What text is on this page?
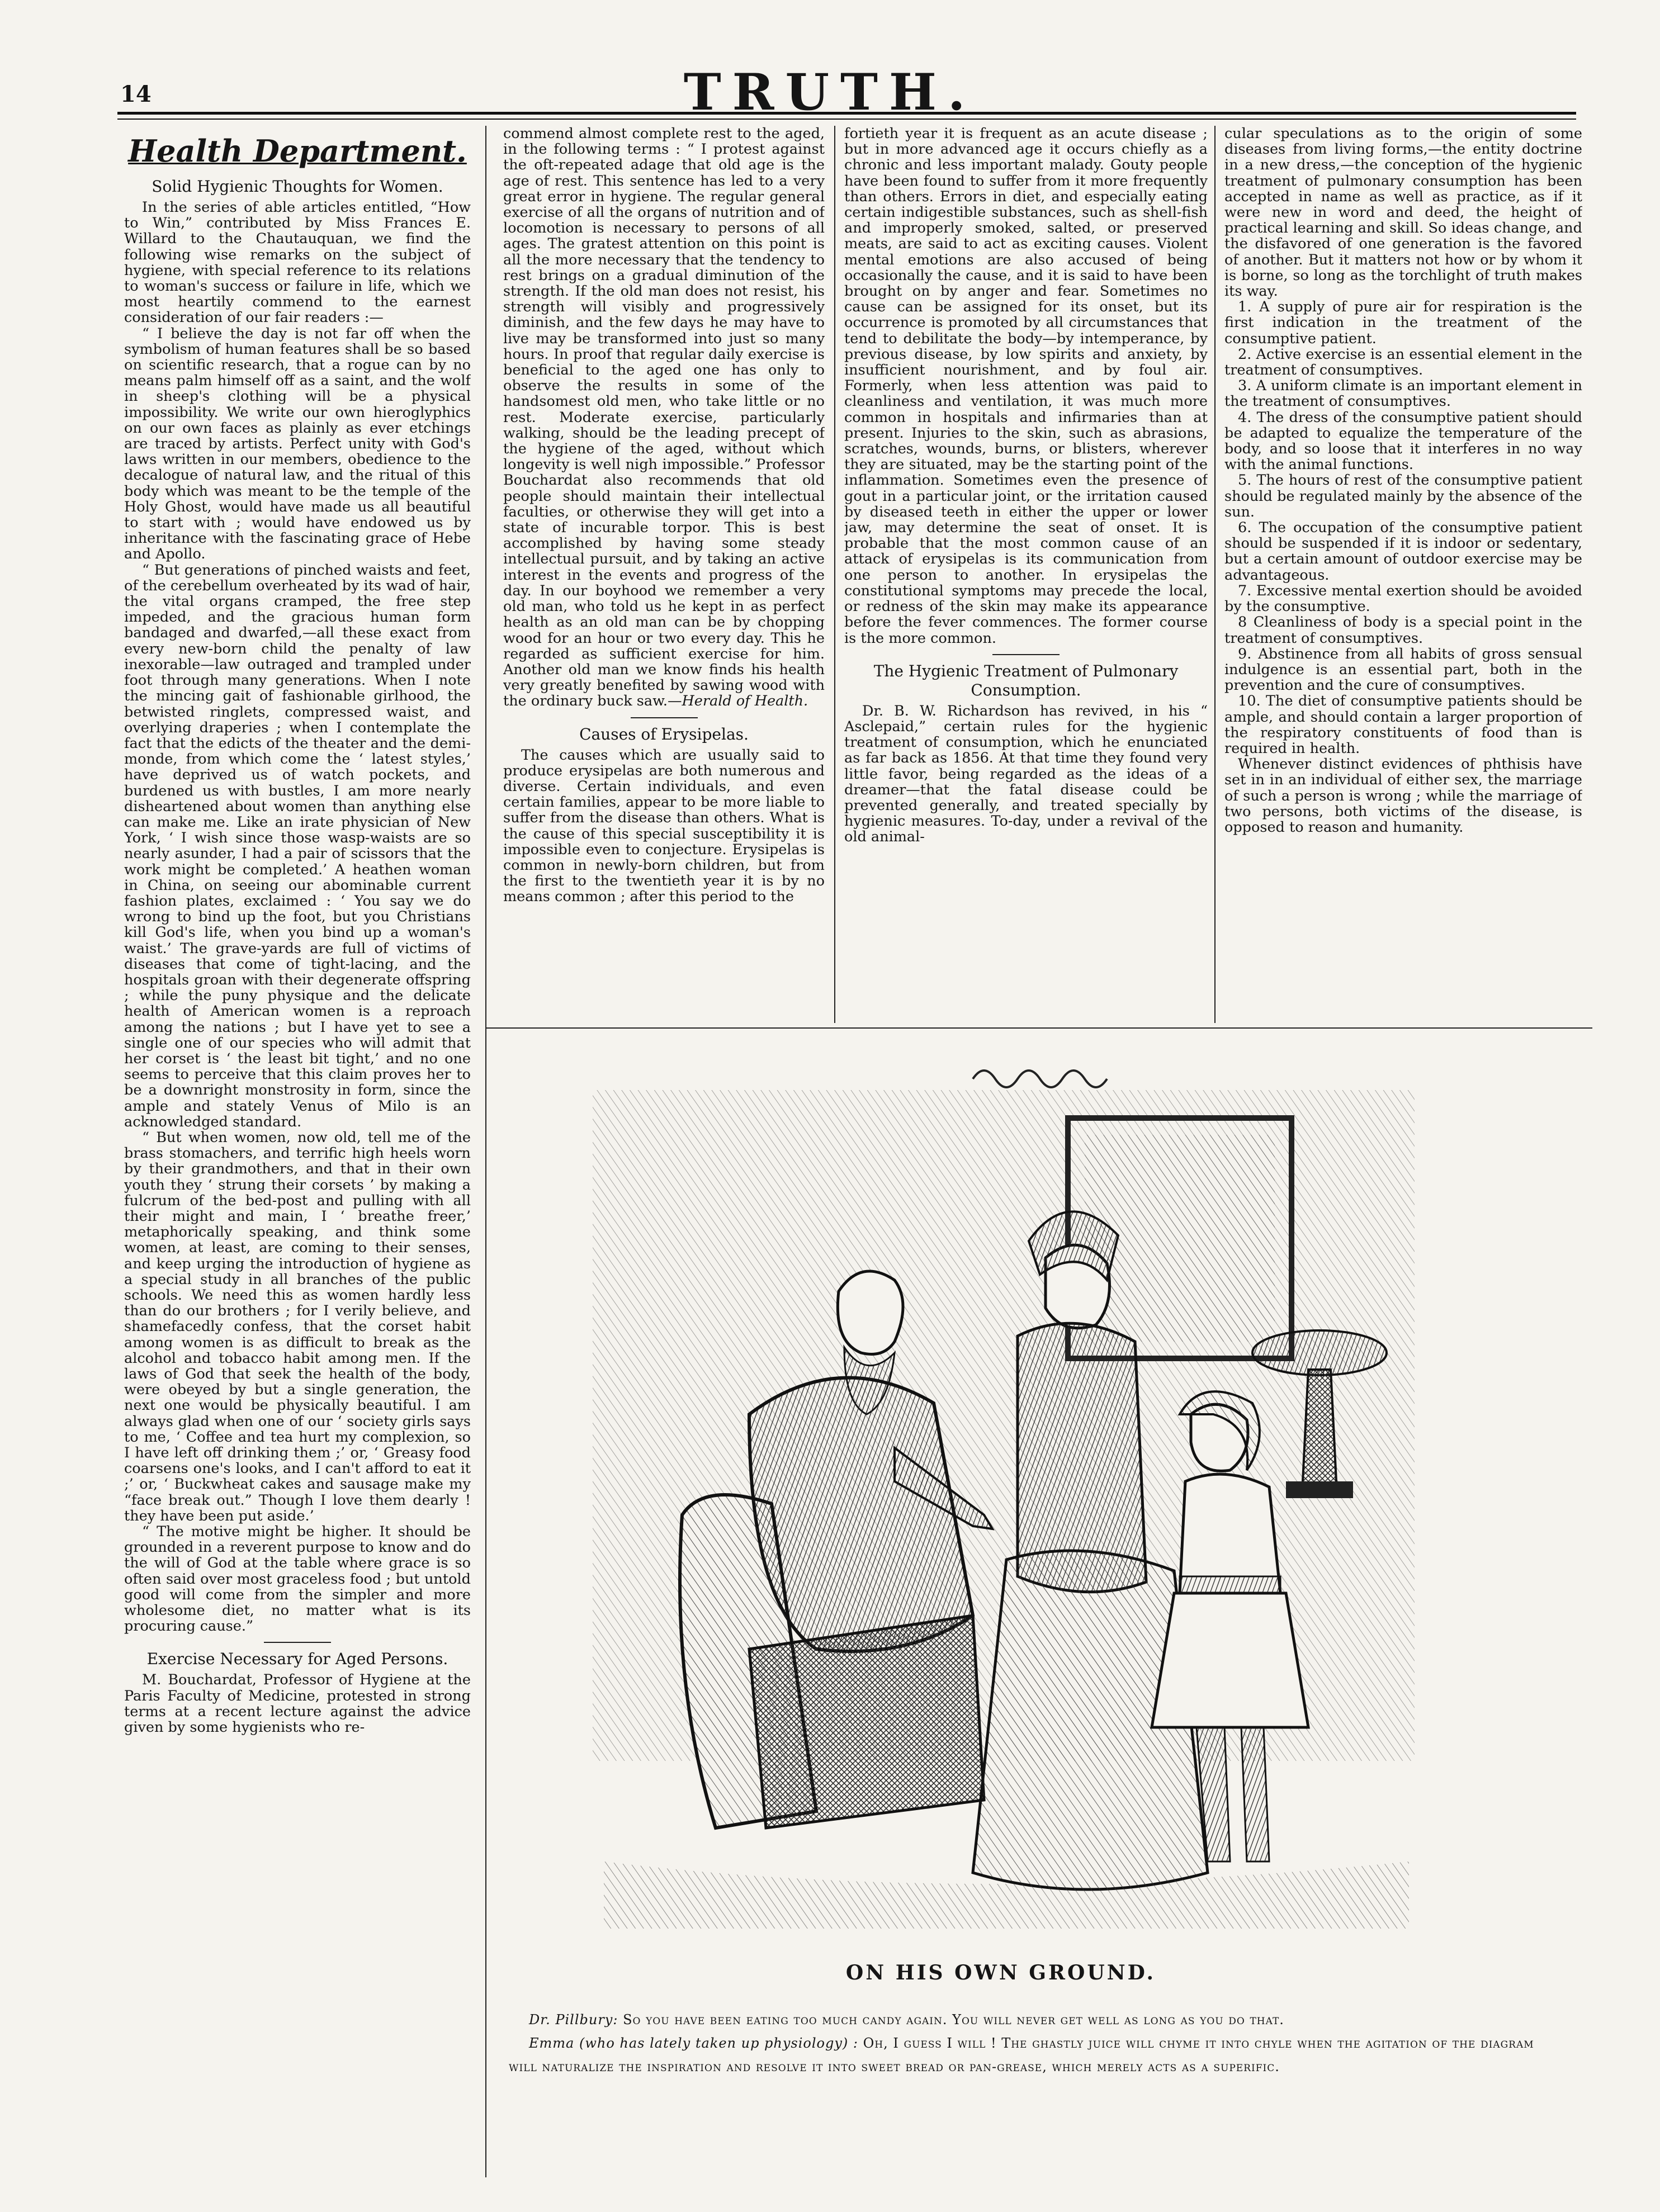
14	TRUTH.
Health Department.
Solid Hygienic Thoughts for Women.

In the series of able articles entitled, “How to Win,” contributed by Miss Frances E. Willard to the Chautauquan, we find the following wise remarks on the subject of hygiene, with special reference to its relations to woman's success or failure in life, which we most heartily commend to the earnest consideration of our fair readers :—

“ I believe the day is not far off when the symbolism of human features shall be so based on scientific research, that a rogue can by no means palm himself off as a saint, and the wolf in sheep's clothing will be a physical impossibility. We write our own hieroglyphics on our own faces as plainly as ever etchings are traced by artists. Perfect unity with God's laws written in our members, obedience to the decalogue of natural law, and the ritual of this body which was meant to be the temple of the Holy Ghost, would have made us all beautiful to start with ; would have endowed us by inheritance with the fascinating grace of Hebe and Apollo.

“ But generations of pinched waists and feet, of the cerebellum overheated by its wad of hair, the vital organs cramped, the free step impeded, and the gracious human form bandaged and dwarfed,—all these exact from every new-born child the penalty of law inexorable—law outraged and trampled under foot through many generations. When I note the mincing gait of fashionable girlhood, the betwisted ringlets, compressed waist, and overlying draperies ; when I contemplate the fact that the edicts of the theater and the demi-monde, from which come the ‘ latest styles,’ have deprived us of watch pockets, and burdened us with bustles, I am more nearly disheartened about women than anything else can make me. Like an irate physician of New York, ‘ I wish since those wasp-waists are so nearly asunder, I had a pair of scissors that the work might be completed.’ A heathen woman in China, on seeing our abominable current fashion plates, exclaimed : ‘ You say we do wrong to bind up the foot, but you Christians kill God's life, when you bind up a woman's waist.’ The grave-yards are full of victims of diseases that come of tight-lacing, and the hospitals groan with their degenerate offspring ; while the puny physique and the delicate health of American women is a reproach among the nations ; but I have yet to see a single one of our species who will admit that her corset is ‘ the least bit tight,’ and no one seems to perceive that this claim proves her to be a downright monstrosity in form, since the ample and stately Venus of Milo is an acknowledged standard.

“ But when women, now old, tell me of the brass stomachers, and terrific high heels worn by their grandmothers, and that in their own youth they ‘ strung their corsets ’ by making a fulcrum of the bed-post and pulling with all their might and main, I ‘ breathe freer,’ metaphorically speaking, and think some women, at least, are coming to their senses, and keep urging the introduction of hygiene as a special study in all branches of the public schools. We need this as women hardly less than do our brothers ; for I verily believe, and shamefacedly confess, that the corset habit among women is as difficult to break as the alcohol and tobacco habit among men. If the laws of God that seek the health of the body, were obeyed by but a single generation, the next one would be physically beautiful. I am always glad when one of our ‘ society girls says to me, ‘ Coffee and tea hurt my complexion, so I have left off drinking them ;’ or, ‘ Greasy food coarsens one's looks, and I can't afford to eat it ;’ or, ‘ Buckwheat cakes and sausage make my “face break out.” Though I love them dearly ! they have been put aside.’

“ The motive might be higher. It should be grounded in a reverent purpose to know and do the will of God at the table where grace is so often said over most graceless food ; but untold good will come from the simpler and more wholesome diet, no matter what is its procuring cause.”

Exercise Necessary for Aged Persons.

M. Bouchardat, Professor of Hygiene at the Paris Faculty of Medicine, protested in strong terms at a recent lecture against the advice given by some hygienists who re-

commend almost complete rest to the aged, in the following terms : “ I protest against the oft-repeated adage that old age is the age of rest. This sentence has led to a very great error in hygiene. The regular general exercise of all the organs of nutrition and of locomotion is necessary to persons of all ages. The gratest attention on this point is all the more necessary that the tendency to rest brings on a gradual diminution of the strength. If the old man does not resist, his strength will visibly and progressively diminish, and the few days he may have to live may be transformed into just so many hours. In proof that regular daily exercise is beneficial to the aged one has only to observe the results in some of the handsomest old men, who take little or no rest. Moderate exercise, particularly walking, should be the leading precept of the hygiene of the aged, without which longevity is well nigh impossible.” Professor Bouchardat also recommends that old people should maintain their intellectual faculties, or otherwise they will get into a state of incurable torpor. This is best accomplished by having some steady intellectual pursuit, and by taking an active interest in the events and progress of the day. In our boyhood we remember a very old man, who told us he kept in as perfect health as an old man can be by chopping wood for an hour or two every day. This he regarded as sufficient exercise for him. Another old man we know finds his health very greatly benefited by sawing wood with the ordinary buck saw.—Herald of Health.

Causes of Erysipelas.

The causes which are usually said to produce erysipelas are both numerous and diverse. Certain individuals, and even certain families, appear to be more liable to suffer from the disease than others. What is the cause of this special susceptibility it is impossible even to conjecture. Erysipelas is common in newly-born children, but from the first to the twentieth year it is by no means common ; after this period to the

fortieth year it is frequent as an acute disease ; but in more advanced age it occurs chiefly as a chronic and less important malady. Gouty people have been found to suffer from it more frequently than others. Errors in diet, and especially eating certain indigestible substances, such as shell-fish and improperly smoked, salted, or preserved meats, are said to act as exciting causes. Violent mental emotions are also accused of being occasionally the cause, and it is said to have been brought on by anger and fear. Sometimes no cause can be assigned for its onset, but its occurrence is promoted by all circumstances that tend to debilitate the body—by intemperance, by previous disease, by low spirits and anxiety, by insufficient nourishment, and by foul air. Formerly, when less attention was paid to cleanliness and ventilation, it was much more common in hospitals and infirmaries than at present. Injuries to the skin, such as abrasions, scratches, wounds, burns, or blisters, wherever they are situated, may be the starting point of the inflammation. Sometimes even the presence of gout in a particular joint, or the irritation caused by diseased teeth in either the upper or lower jaw, may determine the seat of onset. It is probable that the most common cause of an attack of erysipelas is its communication from one person to another. In erysipelas the constitutional symptoms may precede the local, or redness of the skin may make its appearance before the fever commences. The former course is the more common.

The Hygienic Treatment of Pulmonary Consumption.

Dr. B. W. Richardson has revived, in his “ Asclepaid,” certain rules for the hygienic treatment of consumption, which he enunciated as far back as 1856. At that time they found very little favor, being regarded as the ideas of a dreamer—that the fatal disease could be prevented generally, and treated specially by hygienic measures. To-day, under a revival of the old animal-

cular speculations as to the origin of some diseases from living forms,—the entity doctrine in a new dress,—the conception of the hygienic treatment of pulmonary consumption has been accepted in name as well as practice, as if it were new in word and deed, the height of practical learning and skill. So ideas change, and the disfavored of one generation is the favored of another. But it matters not how or by whom it is borne, so long as the torchlight of truth makes its way.

1. A supply of pure air for respiration is the first indication in the treatment of the consumptive patient.

2. Active exercise is an essential element in the treatment of consumptives.

3. A uniform climate is an important element in the treatment of consumptives.

4. The dress of the consumptive patient should be adapted to equalize the temperature of the body, and so loose that it interferes in no way with the animal functions.

5. The hours of rest of the consumptive patient should be regulated mainly by the absence of the sun.

6. The occupation of the consumptive patient should be suspended if it is indoor or sedentary, but a certain amount of outdoor exercise may be advantageous.

7. Excessive mental exertion should be avoided by the consumptive.

8 Cleanliness of body is a special point in the treatment of consumptives.

9. Abstinence from all habits of gross sensual indulgence is an essential part, both in the prevention and the cure of consumptives.

10. The diet of consumptive patients should be ample, and should contain a larger proportion of the respiratory constituents of food than is required in health.

Whenever distinct evidences of phthisis have set in in an individual of either sex, the marriage of such a person is wrong ; while the marriage of two persons, both victims of the disease, is opposed to reason and humanity.

ON HIS OWN GROUND.

Dr. Pillbury: So you have been eating too much candy again. You will never get well as long as you do that.

Emma (who has lately taken up physiology) : Oh, I guess I will ! The ghastly juice will chyme it into chyle when the agitation of the diagram will naturalize the inspiration and resolve it into sweet bread or pan-grease, which merely acts as a superific.
